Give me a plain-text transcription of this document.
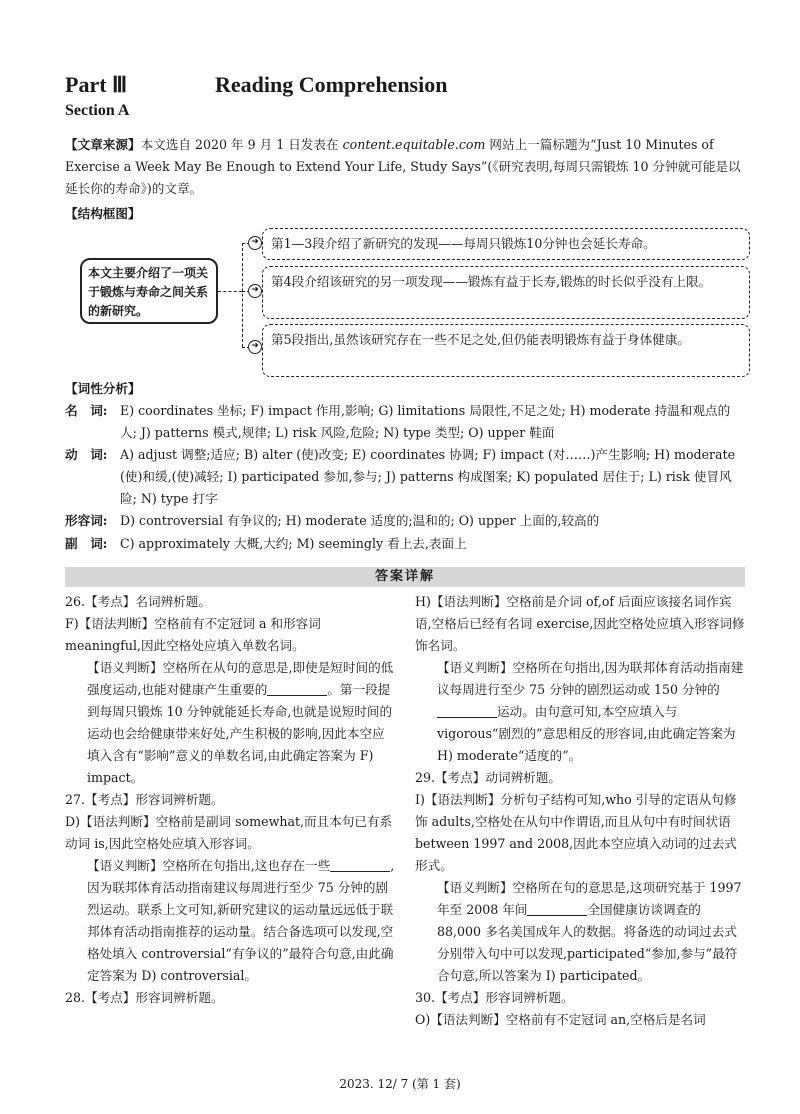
Part Ⅲ	Reading Comprehension
Section A
【文章来源】本文选自 2020 年 9 月 1 日发表在 content.equitable.com 网站上一篇标题为“Just 10 Minutes of Exercise a Week May Be Enough to Extend Your Life, Study Says”(《研究表明,每周只需锻炼 10 分钟就可能是以延长你的寿命》)的文章。
【结构框图】
本文主要介绍了一项关于锻炼与寿命之间关系的新研究。
➜
➜
➜
第1—3段介绍了新研究的发现——每周只锻炼10分钟也会延长寿命。
第4段介绍该研究的另一项发现——锻炼有益于长寿,锻炼的时长似乎没有上限。
第5段指出,虽然该研究存在一些不足之处,但仍能表明锻炼有益于身体健康。
【词性分析】
名　词: E) coordinates 坐标; F) impact 作用,影响; G) limitations 局限性,不足之处; H) moderate 持温和观点的人; J) patterns 模式,规律; L) risk 风险,危险; N) type 类型; O) upper 鞋面
动　词: A) adjust 调整;适应; B) alter (使)改变; E) coordinates 协调; F) impact (对……)产生影响; H) moderate (使)和缓,(使)减轻; I) participated 参加,参与; J) patterns 构成图案; K) populated 居住于; L) risk 使冒风险; N) type 打字
形容词: D) controversial 有争议的; H) moderate 适度的;温和的; O) upper 上面的,较高的
副　词: C) approximately 大概,大约; M) seemingly 看上去,表面上
答案详解

26.【考点】名词辨析题。

F)【语法判断】空格前有不定冠词 a 和形容词 meaningful,因此空格处应填入单数名词。

【语义判断】空格所在从句的意思是,即使是短时间的低强度运动,也能对健康产生重要的	。第一段提到每周只锻炼 10 分钟就能延长寿命,也就是说短时间的运动也会给健康带来好处,产生积极的影响,因此本空应填入含有“影响”意义的单数名词,由此确定答案为 F) impact。

27.【考点】形容词辨析题。

D)【语法判断】空格前是副词 somewhat,而且本句已有系动词 is,因此空格处应填入形容词。

【语义判断】空格所在句指出,这也存在一些	,因为联邦体育活动指南建议每周进行至少 75 分钟的剧烈运动。联系上文可知,新研究建议的运动量远远低于联邦体育活动指南推荐的运动量。结合备选项可以发现,空格处填入 controversial“有争议的”最符合句意,由此确定答案为 D) controversial。

28.【考点】形容词辨析题。

H)【语法判断】空格前是介词 of,of 后面应该接名词作宾语,空格后已经有名词 exercise,因此空格处应填入形容词修饰名词。

【语义判断】空格所在句指出,因为联邦体育活动指南建议每周进行至少 75 分钟的剧烈运动或 150 分钟的运动。由句意可知,本空应填入与 vigorous“剧烈的”意思相反的形容词,由此确定答案为 H) moderate“适度的”。

29.【考点】动词辨析题。

I)【语法判断】分析句子结构可知,who 引导的定语从句修饰 adults,空格处在从句中作谓语,而且从句中有时间状语 between 1997 and 2008,因此本空应填入动词的过去式形式。

【语义判断】空格所在句的意思是,这项研究基于 1997 年至 2008 年间	全国健康访谈调查的 88,000 多名美国成年人的数据。将备选的动词过去式分别带入句中可以发现,participated“参加,参与”最符合句意,所以答案为 I) participated。

30.【考点】形容词辨析题。

O)【语法判断】空格前有不定冠词 an,空格后是名词

2023. 12/ 7 (第 1 套)
